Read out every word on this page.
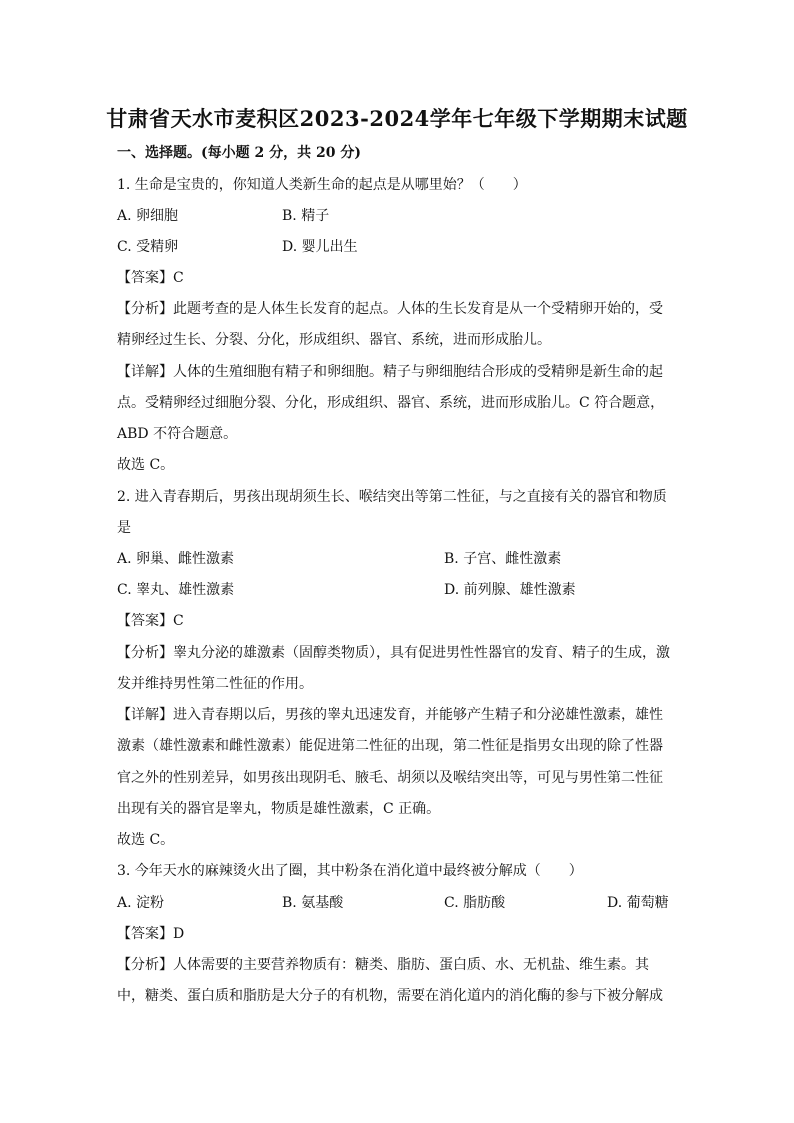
甘肃省天水市麦积区2023-2024学年七年级下学期期末试题
一、选择题。(每小题 2 分，共 20 分)
1. 生命是宝贵的，你知道人类新生命的起点是从哪里始？（　　）
A. 卵细胞	B. 精子
C. 受精卵	D. 婴儿出生
【答案】C
【分析】此题考查的是人体生长发育的起点。人体的生长发育是从一个受精卵开始的，受
精卵经过生长、分裂、分化，形成组织、器官、系统，进而形成胎儿。
【详解】人体的生殖细胞有精子和卵细胞。精子与卵细胞结合形成的受精卵是新生命的起
点。受精卵经过细胞分裂、分化，形成组织、器官、系统，进而形成胎儿。C 符合题意，
ABD 不符合题意。
故选 C。
2. 进入青春期后，男孩出现胡须生长、喉结突出等第二性征，与之直接有关的器官和物质
是
A. 卵巢、雌性激素	B. 子宫、雌性激素
C. 睾丸、雄性激素	D. 前列腺、雄性激素
【答案】C
【分析】睾丸分泌的雄激素（固醇类物质），具有促进男性性器官的发育、精子的生成，激
发并维持男性第二性征的作用。
【详解】进入青春期以后，男孩的睾丸迅速发育，并能够产生精子和分泌雄性激素，雄性
激素（雄性激素和雌性激素）能促进第二性征的出现，第二性征是指男女出现的除了性器
官之外的性别差异，如男孩出现阴毛、腋毛、胡须以及喉结突出等，可见与男性第二性征
出现有关的器官是睾丸，物质是雄性激素，C 正确。
故选 C。
3. 今年天水的麻辣烫火出了圈，其中粉条在消化道中最终被分解成（　　）
A. 淀粉	B. 氨基酸	C. 脂肪酸	D. 葡萄糖
【答案】D
【分析】人体需要的主要营养物质有：糖类、脂肪、蛋白质、水、无机盐、维生素。其
中，糖类、蛋白质和脂肪是大分子的有机物，需要在消化道内的消化酶的参与下被分解成
